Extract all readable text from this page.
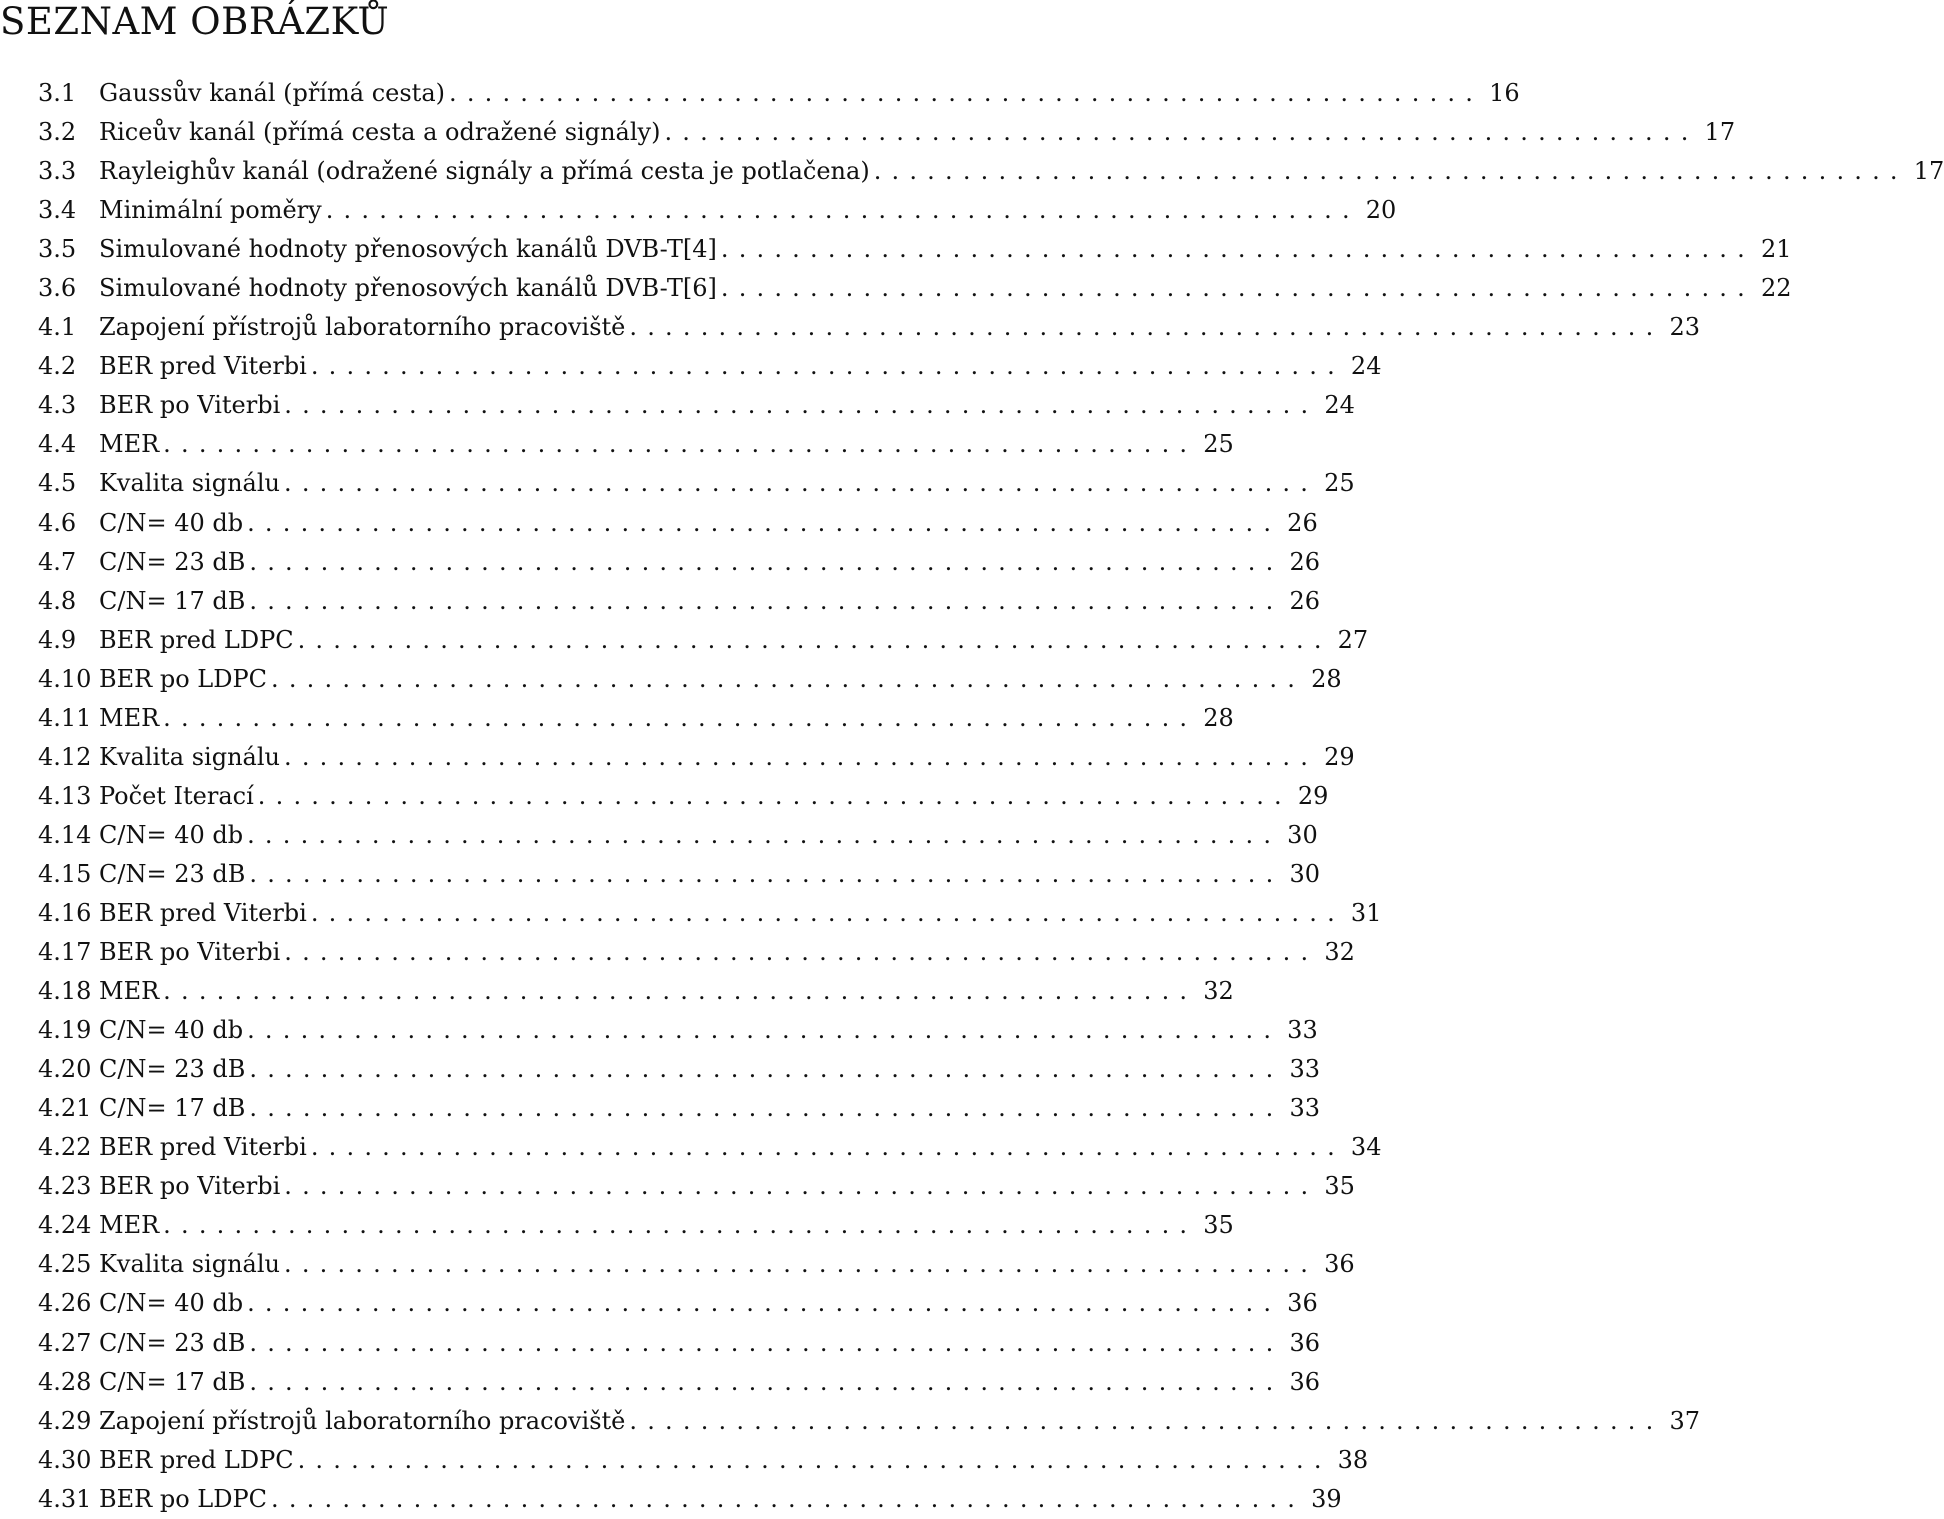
SEZNAM OBRÁZKŮ
3.1 Gaussův kanál (přímá cesta) .......................................................... 16
3.2 Riceův kanál (přímá cesta a odražené signály) .......................................................... 17
3.3 Rayleighův kanál (odražené signály a přímá cesta je potlačena) .......................................................... 17
3.4 Minimální poměry .......................................................... 20
3.5 Simulované hodnoty přenosových kanálů DVB-T[4] .......................................................... 21
3.6 Simulované hodnoty přenosových kanálů DVB-T[6] .......................................................... 22
4.1 Zapojení přístrojů laboratorního pracoviště .......................................................... 23
4.2 BER pred Viterbi .......................................................... 24
4.3 BER po Viterbi .......................................................... 24
4.4 MER .......................................................... 25
4.5 Kvalita signálu .......................................................... 25
4.6 C/N= 40 db .......................................................... 26
4.7 C/N= 23 dB .......................................................... 26
4.8 C/N= 17 dB .......................................................... 26
4.9 BER pred LDPC .......................................................... 27
4.10 BER po LDPC .......................................................... 28
4.11 MER .......................................................... 28
4.12 Kvalita signálu .......................................................... 29
4.13 Počet Iterací .......................................................... 29
4.14 C/N= 40 db .......................................................... 30
4.15 C/N= 23 dB .......................................................... 30
4.16 BER pred Viterbi .......................................................... 31
4.17 BER po Viterbi .......................................................... 32
4.18 MER .......................................................... 32
4.19 C/N= 40 db .......................................................... 33
4.20 C/N= 23 dB .......................................................... 33
4.21 C/N= 17 dB .......................................................... 33
4.22 BER pred Viterbi .......................................................... 34
4.23 BER po Viterbi .......................................................... 35
4.24 MER .......................................................... 35
4.25 Kvalita signálu .......................................................... 36
4.26 C/N= 40 db .......................................................... 36
4.27 C/N= 23 dB .......................................................... 36
4.28 C/N= 17 dB .......................................................... 36
4.29 Zapojení přístrojů laboratorního pracoviště .......................................................... 37
4.30 BER pred LDPC .......................................................... 38
4.31 BER po LDPC .......................................................... 39
